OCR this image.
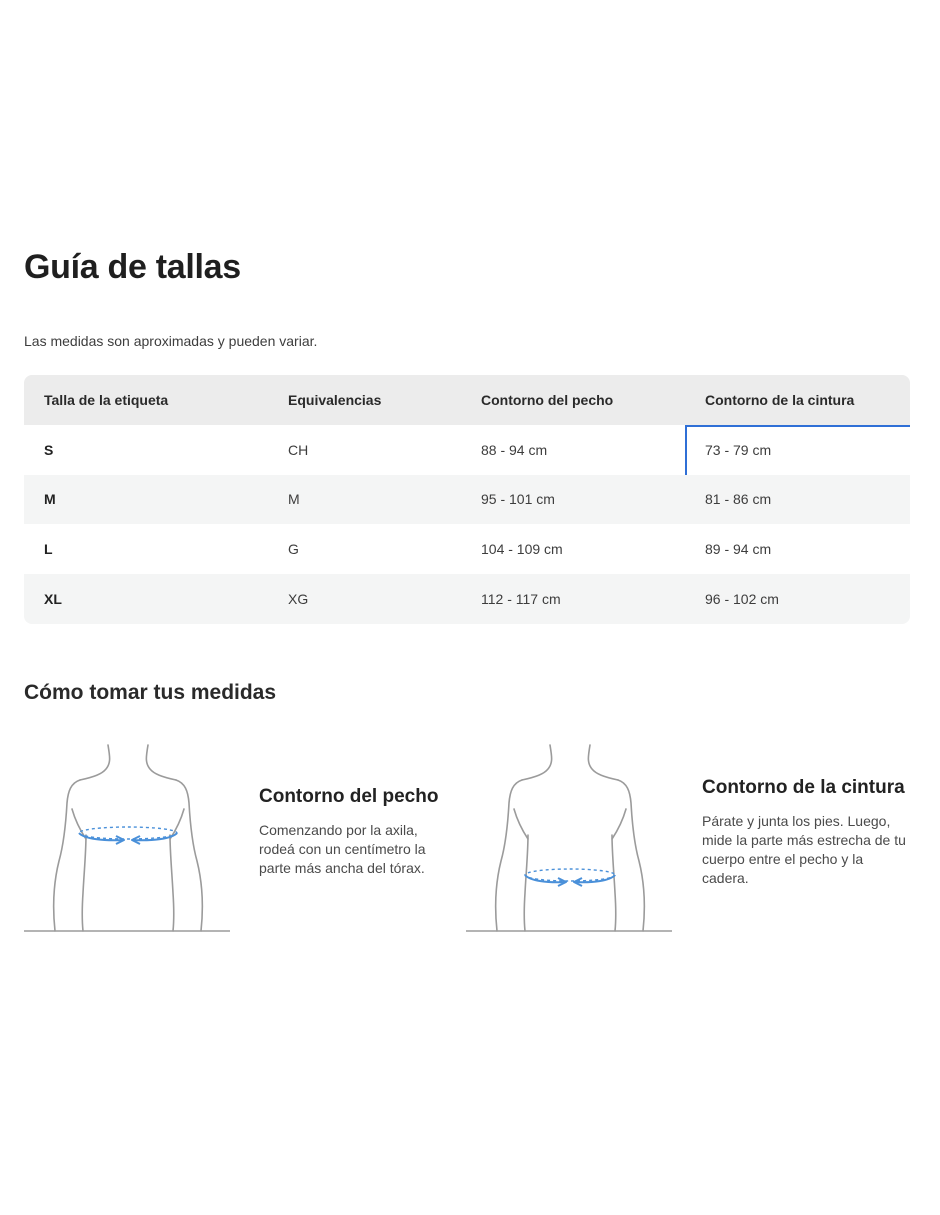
Guía de tallas

Las medidas son aproximadas y pueden variar.

Talla de la etiqueta	Equivalencias	Contorno del pecho	Contorno de la cintura
S	CH	88 - 94 cm	73 - 79 cm
M	M	95 - 101 cm	81 - 86 cm
L	G	104 - 109 cm	89 - 94 cm
XL	XG	112 - 117 cm	96 - 102 cm
Cómo tomar tus medidas
Contorno del pecho

Comenzando por la axila, rodeá con un centímetro la parte más ancha del tórax.

Contorno de la cintura

Párate y junta los pies. Luego, mide la parte más estrecha de tu cuerpo entre el pecho y la cadera.
